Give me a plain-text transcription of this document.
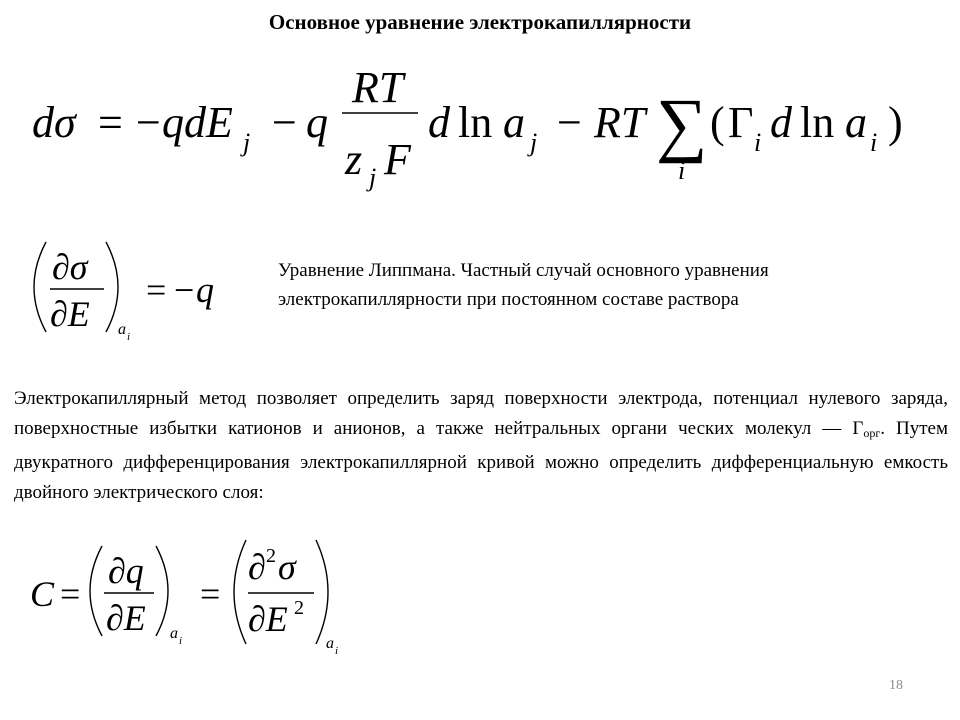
Основное уравнение электрокапиллярности
dσ = − qdE j − q
RT
z j F
d ln a j − RT ∑
i
( Γ i d ln a i )
∂σ
∂E a i
= − q	Уравнение Липпмана. Частный случай основного уравнения электрокапиллярности при постоянном составе раствора
Электрокапиллярный метод позволяет определить заряд поверхности электрода, потенциал нулевого заряда, поверхностные избытки катионов и анионов, а также нейтральных органи ческих молекул — $Г_{орг}$. Путем двукратного дифференцирования электрокапиллярной кривой можно определить дифференциальную емкость двойного электрического слоя:
C =
∂q
∂E a i
=
∂ 2 σ
∂E 2
a i
18
